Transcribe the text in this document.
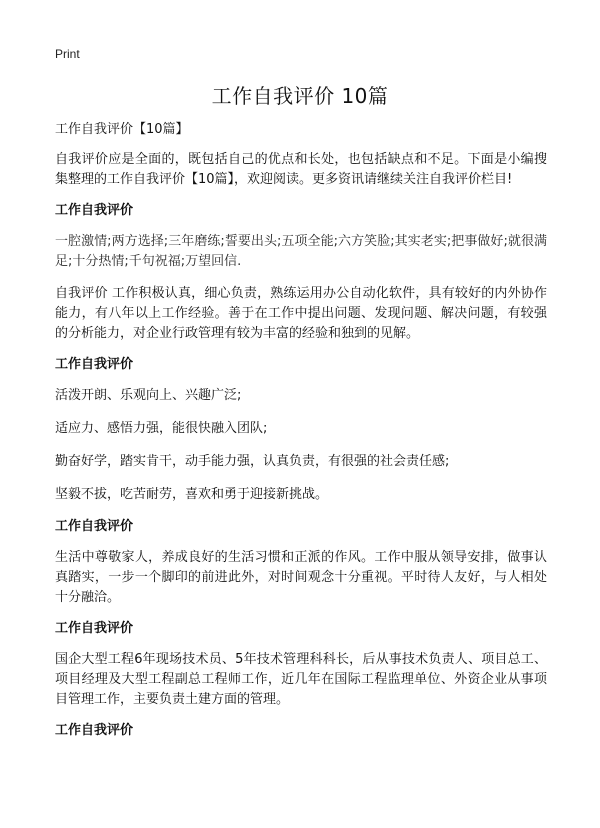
Print
工作自我评价 10篇
工作自我评价【10篇】

自我评价应是全面的，既包括自己的优点和长处，也包括缺点和不足。下面是小编搜集整理的工作自我评价【10篇】，欢迎阅读。更多资讯请继续关注自我评价栏目!

工作自我评价

一腔激情;两方选择;三年磨练;誓要出头;五项全能;六方笑脸;其实老实;把事做好;就很满足;十分热情;千句祝福;万望回信.

自我评价 工作积极认真，细心负责，熟练运用办公自动化软件，具有较好的内外协作能力，有八年以上工作经验。善于在工作中提出问题、发现问题、解决问题，有较强的分析能力，对企业行政管理有较为丰富的经验和独到的见解。

工作自我评价

活泼开朗、乐观向上、兴趣广泛;

适应力、感悟力强，能很快融入团队;

勤奋好学，踏实肯干，动手能力强，认真负责，有很强的社会责任感;

坚毅不拔，吃苦耐劳，喜欢和勇于迎接新挑战。

工作自我评价

生活中尊敬家人，养成良好的生活习惯和正派的作风。工作中服从领导安排，做事认真踏实，一步一个脚印的前进此外，对时间观念十分重视。平时待人友好，与人相处十分融洽。

工作自我评价

国企大型工程6年现场技术员、5年技术管理科科长，后从事技术负责人、项目总工、项目经理及大型工程副总工程师工作，近几年在国际工程监理单位、外资企业从事项目管理工作，主要负责土建方面的管理。

工作自我评价
